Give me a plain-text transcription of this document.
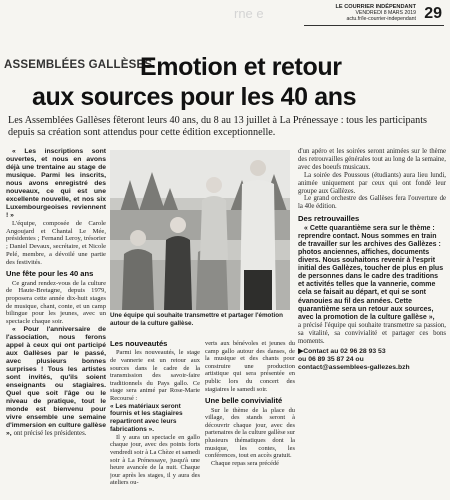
rne e	LE COURRIER INDÉPENDANT
VENDREDI 8 MARS 2019
actu.fr/le-courrier-independant 29
ASSEMBLÉES GALLÈSES.
Emotion et retour
aux sources pour les 40 ans

Les Assemblées Gallèses fêteront leurs 40 ans, du 8 au 13 juillet à La Prénessaye : tous les participants depuis sa création sont attendus pour cette édition exceptionnelle.

« Les inscriptions sont ouvertes, et nous en avons déjà une trentaine au stage de musique. Parmi les inscrits, nous avons enregistré des nouveaux, ce qui est une excellente nouvelle, et nos six Luxembourgeoises reviennent ! »

L'équipe, composée de Carole Angoujard et Chantal Le Mée, présidentes ; Fernand Leroy, trésorier ; Daniel Devaux, secrétaire, et Nicole Pelé, membre, a dévoilé une partie des festivités.

Une fête pour les 40 ans

Ce grand rendez-vous de la culture de Haute-Bretagne, depuis 1979, proposera cette année dix-huit stages de musique, chant, conte, et un camp bilingue pour les jeunes, avec un spectacle chaque soir.

« Pour l'anniversaire de l'association, nous ferons appel à ceux qui ont participé aux Gallèses par le passé, avec plusieurs bonnes surprises ! Tous les artistes sont invités, qu'ils soient enseignants ou stagiaires. Quel que soit l'âge ou le niveau de pratique, tout le monde est bienvenu pour vivre ensemble une semaine d'immersion en culture gallèse », ont précisé les présidentes.

Une équipe qui souhaite transmettre et partager l'émotion autour de la culture gallèse.
Les nouveautés

Parmi les nouveautés, le stage de vannerie est un retour aux sources dans le cadre de la transmission des savoir-faire traditionnels du Pays gallo. Ce stage sera animé par Rose-Marie Recoursé :

« Les matériaux seront fournis et les stagiaires repartiront avec leurs fabrications ».

Il y aura un spectacle en gallo chaque jour, avec des points forts vendredi soir à La Chèze et samedi soir à La Prénessaye, jusqu'à une heure avancée de la nuit. Chaque jour après les stages, il y aura des ateliers ou-

verts aux bénévoles et jeunes du camp gallo autour des danses, de la musique et des chants pour construire une production artistique qui sera présentée en public lors du concert des stagiaires le samedi soir.

Une belle convivialité

Sur le thème de la place du village, des stands seront à découvrir chaque jour, avec des partenaires de la culture gallèse sur plusieurs thématiques dont la musique, les contes, les conférences, tout en accès gratuit.

Chaque repas sera précédé

d'un apéro et les soirées seront animées sur le thème des retrouvailles générales tout au long de la semaine, avec des boeufs musicaux.

La soirée des Poussous (étudiants) aura lieu lundi, animée uniquement par ceux qui ont fondé leur groupe aux Gallèzes.

Le grand orchestre des Gallèses fera l'ouverture de la 40e édition.

Des retrouvailles

« Cette quarantième sera sur le thème : reprendre contact. Nous sommes en train de travailler sur les archives des Gallèzes : photos anciennes, affiches, documents divers. Nous souhaitons revenir à l'esprit initial des Gallèzes, toucher de plus en plus de personnes dans le cadre des traditions et activités telles que la vannerie, comme cela se faisait au départ, et qui se sont évanouies au fil des années. Cette quarantième sera un retour aux sources, avec la promotion de la culture gallèse »,

a précisé l'équipe qui souhaite transmettre sa passion, sa vitalité, sa convivialité et partager ces bons moments.

▶Contact au 02 96 28 93 53
ou 06 89 35 87 24 ou
contact@assemblees-gallezes.bzh
